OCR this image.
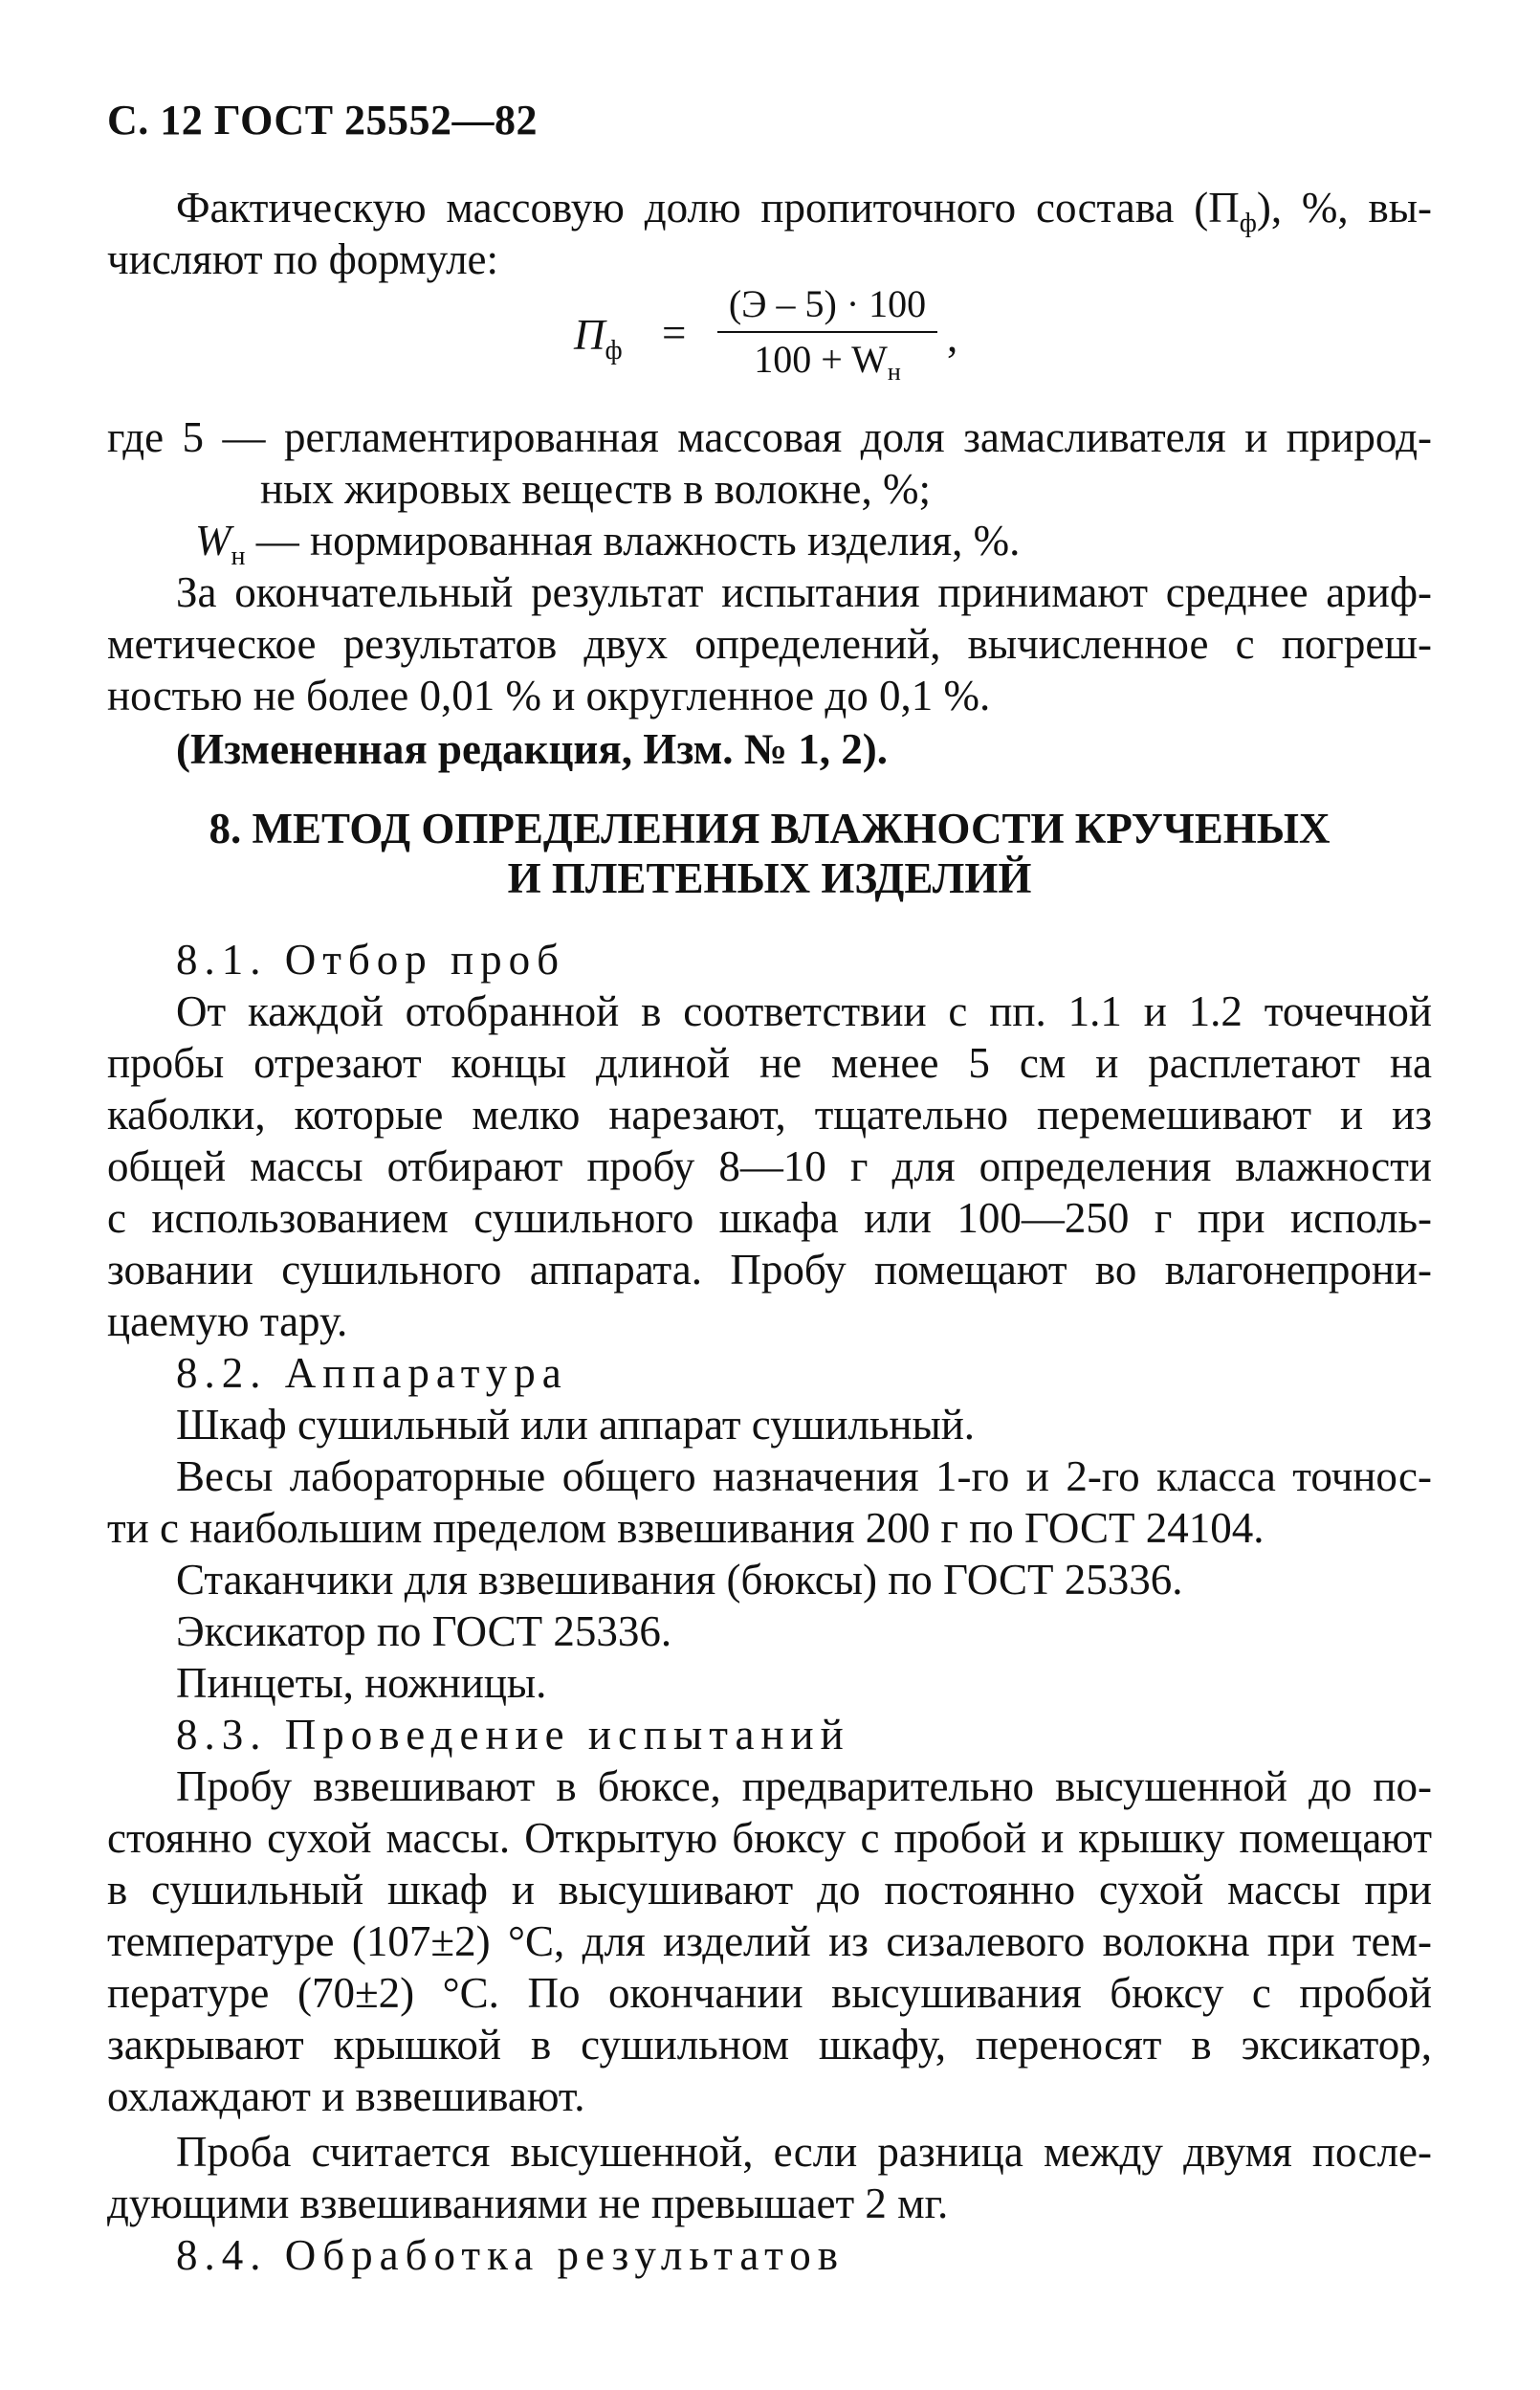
С. 12 ГОСТ 25552—82
Фактическую массовую долю пропиточного состава $(П_ф)$, %, вы-
числяют по формуле:
$П_ф$ =
(Э – 5) · 100
$100 + W_н$
,
где 5 — регламентированная массовая доля замасливателя и природ-
ных жировых веществ в волокне, %;
$W_н$ — нормированная влажность изделия, %.
За окончательный результат испытания принимают среднее ариф-
метическое результатов двух определений, вычисленное с погреш-
ностью не более 0,01 % и округленное до 0,1 %.
(Измененная редакция, Изм. № 1, 2).
8. МЕТОД ОПРЕДЕЛЕНИЯ ВЛАЖНОСТИ КРУЧЕНЫХ
И ПЛЕТЕНЫХ ИЗДЕЛИЙ
8.1. Отбор проб
От каждой отобранной в соответствии с пп. 1.1 и 1.2 точечной
пробы отрезают концы длиной не менее 5 см и расплетают на
каболки, которые мелко нарезают, тщательно перемешивают и из
общей массы отбирают пробу 8—10 г для определения влажности
с использованием сушильного шкафа или 100—250 г при исполь-
зовании сушильного аппарата. Пробу помещают во влагонепрони-
цаемую тару.
8.2. Аппаратура
Шкаф сушильный или аппарат сушильный.
Весы лабораторные общего назначения 1-го и 2-го класса точнос-
ти с наибольшим пределом взвешивания 200 г по ГОСТ 24104.
Стаканчики для взвешивания (бюксы) по ГОСТ 25336.
Эксикатор по ГОСТ 25336.
Пинцеты, ножницы.
8.3. Проведение испытаний
Пробу взвешивают в бюксе, предварительно высушенной до по-
стоянно сухой массы. Открытую бюксу с пробой и крышку помещают
в сушильный шкаф и высушивают до постоянно сухой массы при
температуре (107±2) °С, для изделий из сизалевого волокна при тем-
пературе (70±2) °С. По окончании высушивания бюксу с пробой
закрывают крышкой в сушильном шкафу, переносят в эксикатор,
охлаждают и взвешивают.
Проба считается высушенной, если разница между двумя после-
дующими взвешиваниями не превышает 2 мг.
8.4. Обработка результатов
